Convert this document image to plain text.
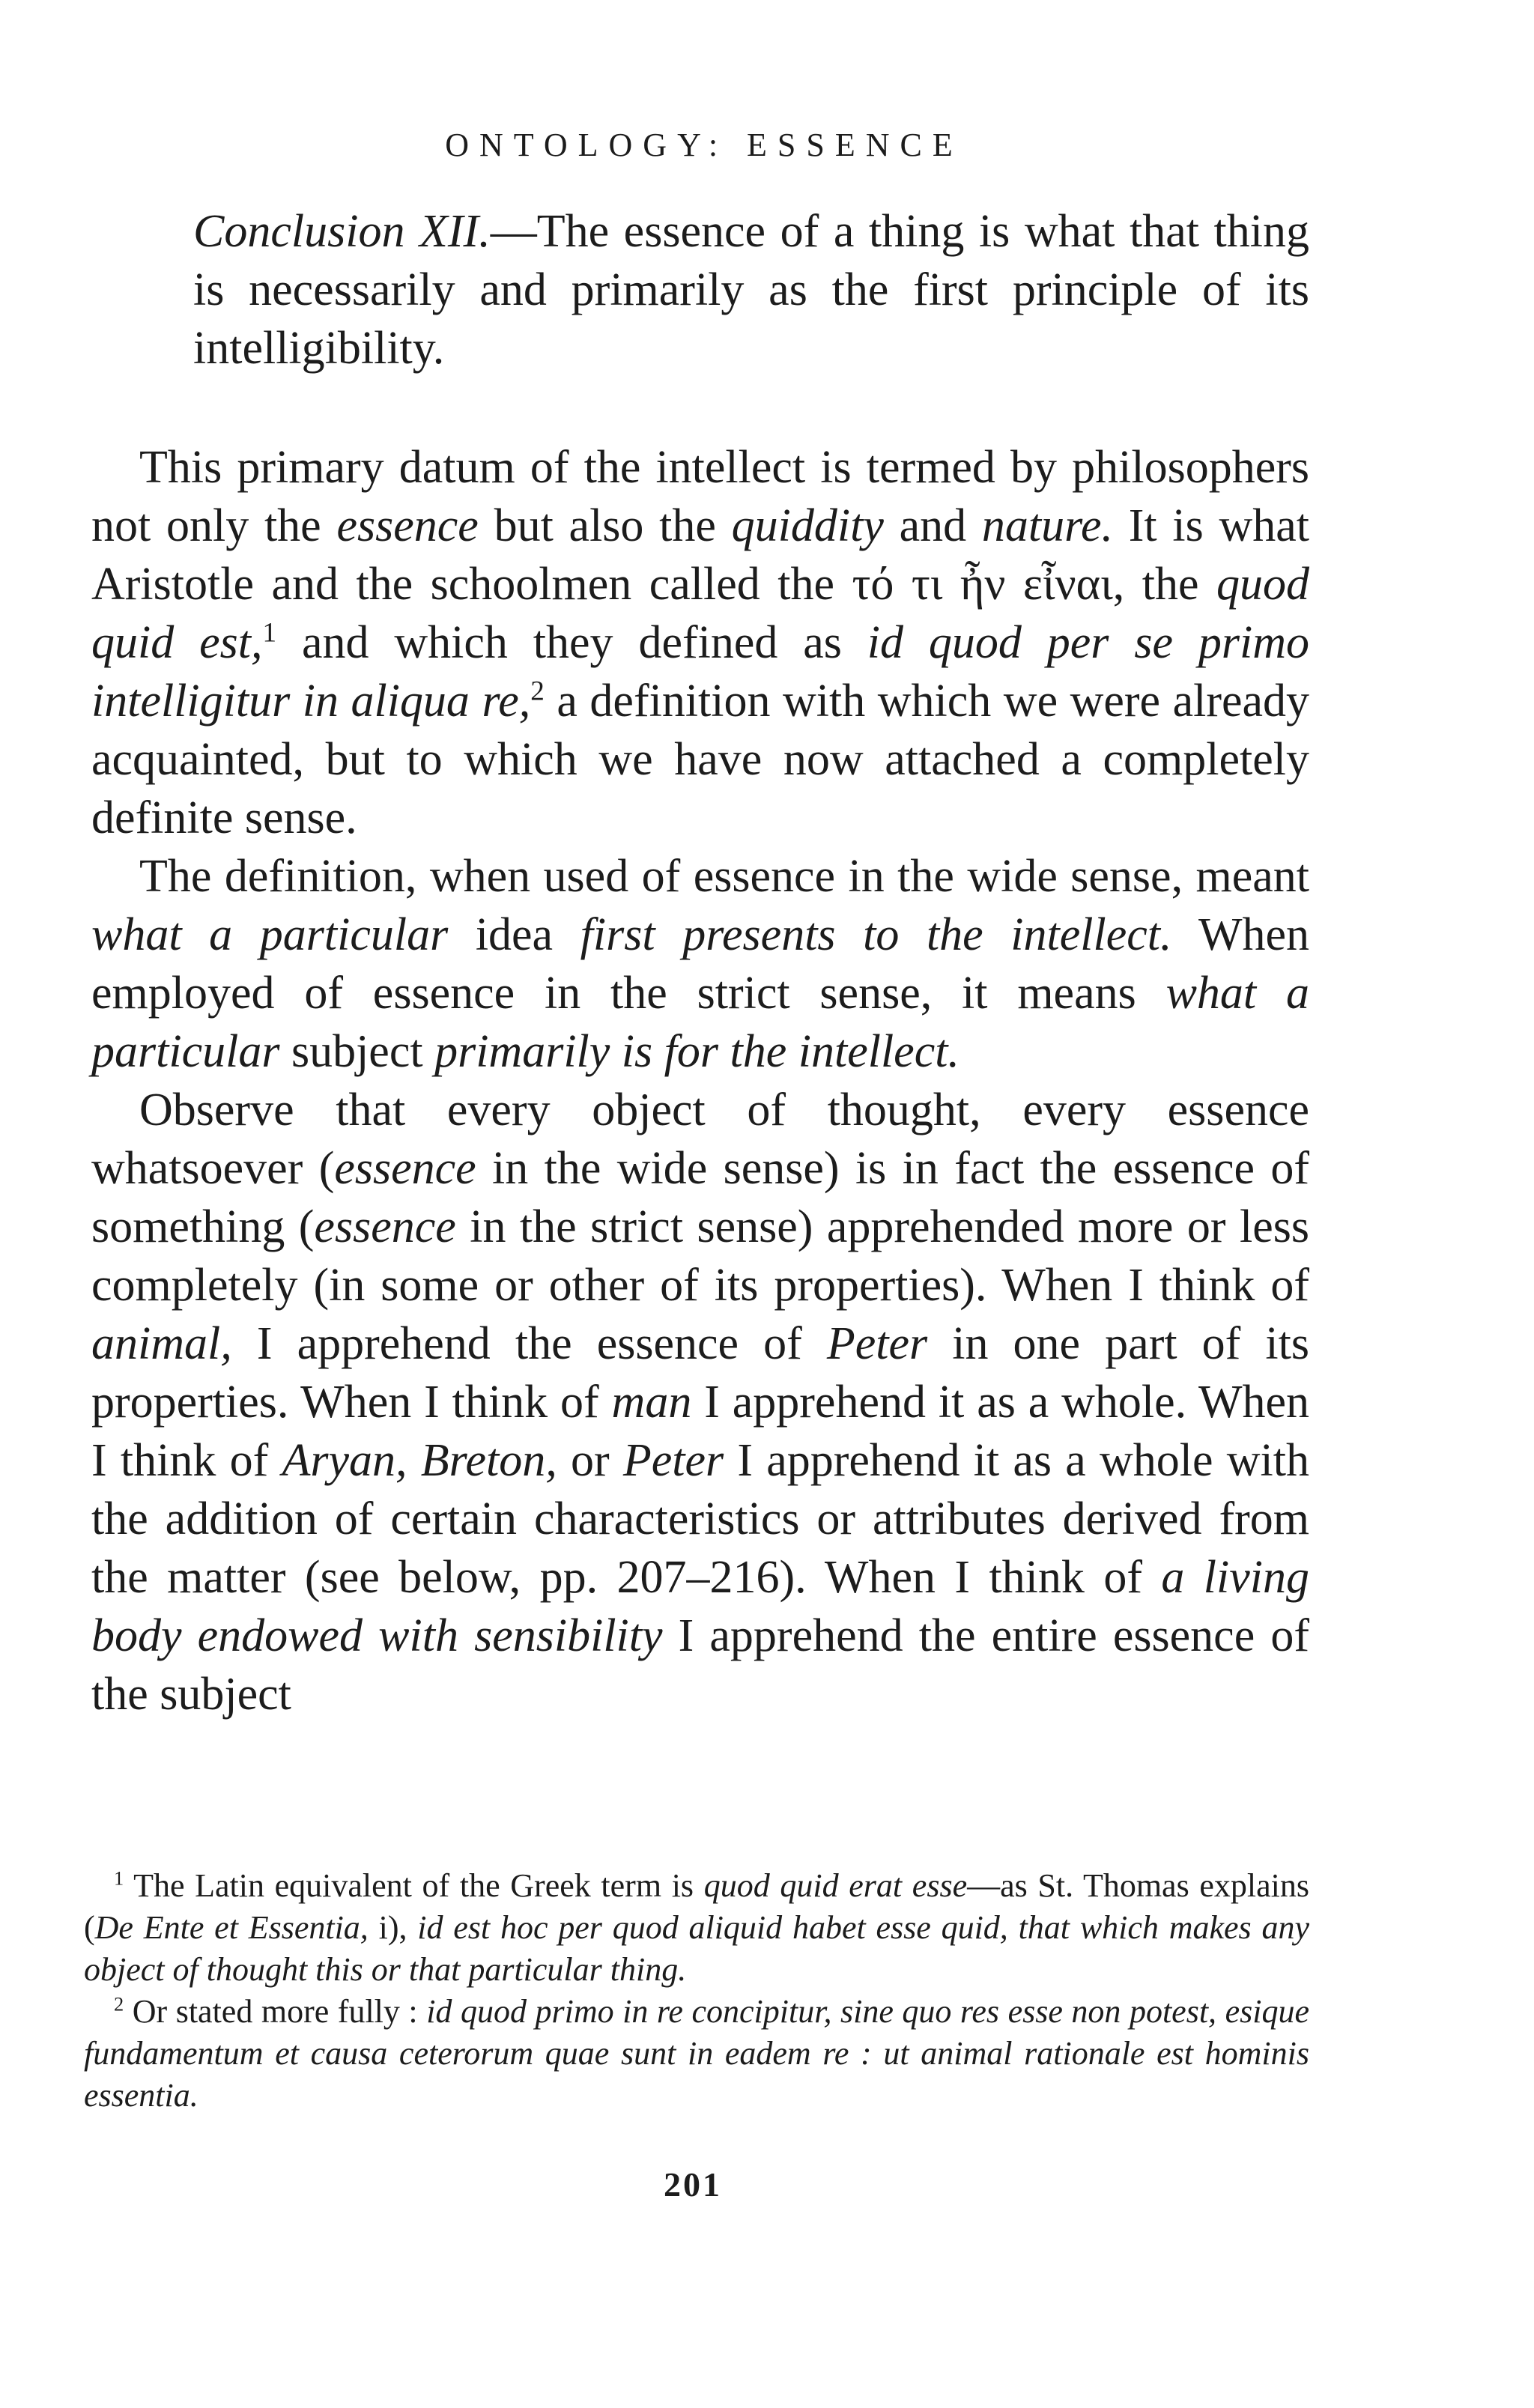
ONTOLOGY: ESSENCE
Conclusion XII.—The essence of a thing is what that thing is necessarily and primarily as the first principle of its intelligibility.

This primary datum of the intellect is termed by philosophers not only the essence but also the quiddity and nature. It is what Aristotle and the schoolmen called the τό τι ἦν εἶναι, the quod quid est,$^1$ and which they defined as id quod per se primo intelligitur in aliqua re,$^2$ a definition with which we were already acquainted, but to which we have now attached a completely definite sense.

The definition, when used of essence in the wide sense, meant what a particular idea first presents to the intellect. When employed of essence in the strict sense, it means what a particular subject primarily is for the intellect.

Observe that every object of thought, every essence whatsoever (essence in the wide sense) is in fact the essence of something (essence in the strict sense) apprehended more or less completely (in some or other of its properties). When I think of animal, I apprehend the essence of Peter in one part of its properties. When I think of man I apprehend it as a whole. When I think of Aryan, Breton, or Peter I apprehend it as a whole with the addition of certain characteristics or attributes derived from the matter (see below, pp. 207–216). When I think of a living body endowed with sensibility I apprehend the entire essence of the subject

$^1$ The Latin equivalent of the Greek term is quod quid erat esse—as St. Thomas explains (De Ente et Essentia, i), id est hoc per quod aliquid habet esse quid, that which makes any object of thought this or that particular thing.

$^2$ Or stated more fully : id quod primo in re concipitur, sine quo res esse non potest, esique fundamentum et causa ceterorum quae sunt in eadem re : ut animal rationale est hominis essentia.

201
